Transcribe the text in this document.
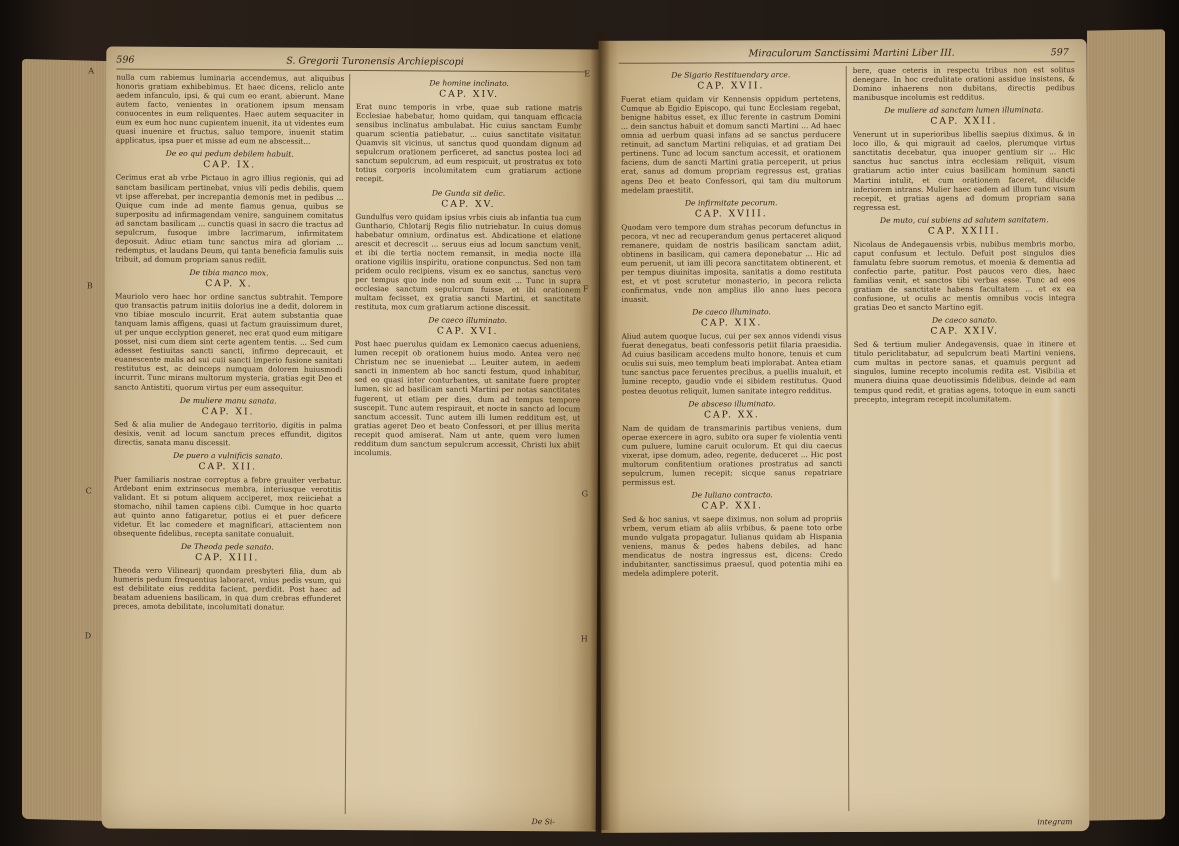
596	S. Gregorii Turonensis Archiepiscopi
A
B
C
D

nulla cum rabiemus luminaria accendemus, aut aliquibus honoris gratiam exhibebimus. Et haec dicens, reliclo ante aedem infanculo, ipsi, & qui cum eo erant, abierunt. Mane autem facto, venientes in orationem ipsum mensam conuocentes in eum reliquentes. Haec autem sequaciter in eum ex eum hoc nunc cupientem inuenit, ita ut videntes eum quasi inuenire et fructus, saluo tempore, inuenit statim applicatus, ipsa puer et misse ad eum ne abscessit...

De eo qui pedum debilem habuit.
CAP. IX.

Cerimus erat ab vrbe Pictauo in agro illius regionis, qui ad sanctam basilicam pertinebat, vnius vili pedis debilis, quem vt ipse afferebat, per increpantia demonis met in pedibus ... Quique cum inde ad mente fiamus genua, quibus se superpositu ad infirmagendam venire, sanguinem comitatus ad sanctam basilicam ... cunctis quasi in sacro die tractus ad sepulcrum, fusoque imbre lacrimarum, infirmitatem deposuit. Adiuc etiam tunc sanctus mira ad gloriam ... redemptus, et laudans Deum, qui tanta beneficia famulis suis tribuit, ad domum propriam sanus rediit.

De tibia manco mox.
CAP. X.

Mauriolo vero haec hor ordine sanctus subtrahit. Tempore quo transactis patrum initiis dolorius ine a dedit, dolorem in vno tibiae mosculo incurrit. Erat autem substantia quae tanquam lamis affigens, quasi ut factum grauissimum duret, ut per unque ecclyption generet, nec erat quod eum mitigare posset, nisi cum diem sint certe agentem tentis. ... Sed cum adesset festiuitas sancti sancti, infirmo deprecauit, et euanescente malis ad sui cuii sancti imperio fusione sanitati restitutus est, ac deinceps numquam dolorem huiusmodi incurrit. Tunc mirans multorum mysteria, gratias egit Deo et sancto Antistiti, quorum virtus per eum assequitur.

De muliere manu sanata.
CAP. XI.

Sed & alia mulier de Andegauo territorio, digitis in palma desixis, venit ad locum sanctum preces effundit, digitos directis, sanata manu discessit.

De puero a vulnificis sanato.
CAP. XII.

Puer familiaris nostrae correptus a febre grauiter verbatur. Ardebant enim extrinsecus membra, interiusque verotitis validant. Et si potum aliquem acciperet, mox reiiciebat a stomacho, nihil tamen capiens cibi. Cumque in hoc quarto aut quinto anno fatigaretur, potius ei et puer deficere videtur. Et lac comedere et magnificari, attacientem non obsequente fidelibus, recepta sanitate conualuit.

De Theoda pede sanato.
CAP. XIII.

Theoda vero Vilinearij quondam presbyteri filia, dum ab humeris pedum frequentius laboraret, vnius pedis vsum, qui est debilitate eius reddita facient, perdidit. Post haec ad beatam adueniens basilicam, in qua dum crebras effunderet preces, amota debilitate, incolumitati donatur.

De homine inclinato.
CAP. XIV.

Erat nunc temporis in vrbe, quae sub ratione matris Ecclesiae habebatur, homo quidam, qui tanquam efficacia sensibus inclinatus ambulabat. Hic cuius sanctam Eumbr quarum scientia patiebatur, ... cuius sanctitate visitatur. Quamvis sit vicinus, ut sanctus quod quondam dignum ad sepulcrum orationem perficeret, ad sanctus postea loci ad sanctum sepulcrum, ad eum respicuit, ut prostratus ex toto totius corporis incolumitatem cum gratiarum actione recepit.

De Gunda sit delic.
CAP. XV.

Gundulfus vero quidam ipsius vrbis ciuis ab infantia tua cum Gunthario, Chlotarij Regis filio nutriebatur. In cuius domus habebatur omnium, ordinatus est. Abdicatione et elatione arescit et decrescit ... seruus eius ad locum sanctum venit, et ibi die tertia noctem remansit, in media nocte illa oratione vigiliis inspiritu, oratione conpunctus. Sed non tam pridem oculo recipiens, visum ex eo sanctus, sanctus vero per tempus quo inde non ad suum exit ... Tunc in supra ecclesiae sanctum sepulcrum fuisse, et ibi orationem multam fecisset, ex gratia sancti Martini, et sanctitate restituta, mox cum gratiarum actione discessit.

De caeco illuminato.
CAP. XVI.

Post haec puerulus quidam ex Lemonico caecus adueniens, lumen recepit ob orationem huius modo. Antea vero nec Christum nec se inueniebat ... Leuiter autem, in aedem sancti in inmentem ab hoc sancti festum, quod inhabitur, sed eo quasi inter conturbantes, ut sanitate fuere propter lumen, sic ad basilicam sancti Martini per notas sanctitates fugerent, ut etiam per dies, dum ad tempus tempore suscepit. Tunc autem respirauit, et nocte in sancto ad locum sanctum accessit. Tunc autem illi lumen redditum est, ut gratias ageret Deo et beato Confessori, et per illius merita recepit quod amiserat. Nam ut ante, quem vero lumen redditum dum sanctum sepulcrum accessit, Christi lux abiit incolumis.

E
F
G
H
De Si-
Miraculorum Sanctissimi Martini Liber III.	597
De Sigario Restituendary arce.
CAP. XVII.

Fuerat etiam quidam vir Kennensis oppidum pertetens, Cumque ab Egidio Episcopo, qui tunc Ecclesiam regebat, benigne habitus esset, ex illuc ferente in castrum Domini ... dein sanctus habuit et domum sancti Martini ... Ad haec omnia ad uerbum quasi infans ad se sanctus perducere retinuit, ad sanctum Martini reliquias, et ad gratiam Dei pertinens. Tunc ad locum sanctum accessit, et orationem faciens, dum de sancti Martini gratia perceperit, ut prius erat, sanus ad domum propriam regressus est, gratias agens Deo et beato Confessori, qui tam diu multorum medelam praestitit.

De infirmitate pecorum.
CAP. XVIII.

Quodam vero tempore dum strahas pecorum defunctus in pecora, vt nec ad recuperandum genus pertaceret aliquod remanere, quidam de nostris basilicam sanctam adiit, obtinens in basilicam, qui camera deponebatur ... Hic ad eum peruenit, ut iam illi pecora sanctitatem obtinerent, et per tempus diuinitas imposita, sanitatis a domo restituta est, et vt post scrutetur monasterio, in pecora relicta confirmatus, vnde non amplius illo anno lues pecora inuasit.

De caeco illuminato.
CAP. XIX.

Aliud autem quoque lucus, cui per sex annos videndi visus fuerat denegatus, beati confessoris petiit filaria praesidia. Ad cuius basilicam accedens multo honore, tenuis et cum oculis sui suis, meo templum beati implorabat. Antea etiam tunc sanctus pace feruentes precibus, a puellis inualuit, et lumine recepto, gaudio vnde ei sibidem restitutus. Quod postea deuotus reliquit, lumen sanitate integro redditus.

De absceso illuminato.
CAP. XX.

Nam de quidam de transmarinis partibus veniens, dum operae exercere in agro, subito ora super fe violentia venti cum puluere, lumine caruit oculorum. Et qui diu caecus vixerat, ipse domum, adeo, regente, deduceret ... Hic post multorum confitentium orationes prostratus ad sancti sepulcrum, lumen recepit; sicque sanus repatriare permissus est.

De Iuliano contracto.
CAP. XXI.

Sed & hoc sanius, vt saepe diximus, non solum ad propriis vrbem, verum etiam ab aliis vrbibus, & paene toto orbe mundo vulgata propagatur. Iulianus quidam ab Hispania veniens, manus & pedes habens debiles, ad hanc mendicatus de nostra ingressus est, dicens: Credo indubitanter, sanctissimus praesul, quod potentia mihi ea medela adimplere poterit.

bere, quae ceteris in respectu tribus non est solitus denegare. In hoc credulitate orationi assidue insistens, & Domino inhaerens non dubitans, directis pedibus manibusque incolumis est redditus.

De muliere ad sanctam lumen illuminata.
CAP. XXII.

Venerunt ut in superioribus libellis saepius diximus, & in loco illo, & qui migrauit ad caelos, plerumque virtus sanctitatis decebatur, qua inuoper gentium sir ... Hic sanctus huc sanctus intra ecclesiam reliquit, visum gratiarum actio inter cuius basilicam hominum sancti Martini intulit, et cum orationem faceret, dilucide inferiorem intrans. Mulier haec eadem ad illum tunc visum recepit, et gratias agens ad domum propriam sana regressa est.

De muto, cui subiens ad salutem sanitatem.
CAP. XXIII.

Nicolaus de Andegauensis vrbis, nubibus membris morbo, caput confusum et lectulo. Defuit post singulos dies famulatu febre suorum remotus, et moenia & dementia ad confectio parte, patitur. Post paucos vero dies, haec familias venit, et sanctos tibi verbas esse. Tunc ad eos gratiam de sanctitate habens facultatem ... et ex ea confusione, ut oculis ac mentis omnibus vocis integra gratias Deo et sancto Martino egit.

De caeco sanato.
CAP. XXIV.

Sed & tertium mulier Andegavensis, quae in itinere et titulo periclitabatur, ad sepulcrum beati Martini veniens, cum multas in pectore sanas, et quamuis pergunt ad singulos, lumine recepto incolumis redita est. Visibilia et munera diuina quae deuotissimis fidelibus, deinde ad eam tempus quod redit, et gratias agens, totoque in eum sancti precepto, integram recepit incolumitatem.

integram
